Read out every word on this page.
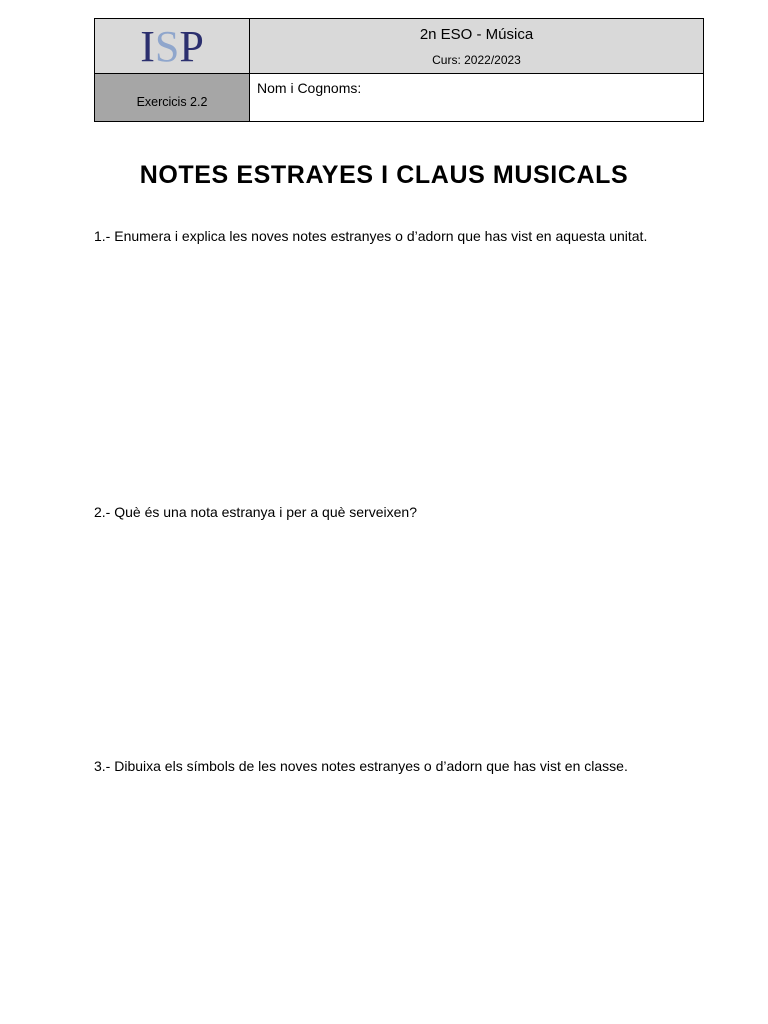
ISP	2n ESO - Música
Curs: 2022/2023
Exercicis 2.2
Nom i Cognoms:
NOTES ESTRAYES I CLAUS MUSICALS
1.- Enumera i explica les noves notes estranyes o d’adorn que has vist en aquesta unitat.
2.- Què és una nota estranya i per a què serveixen?
3.- Dibuixa els símbols de les noves notes estranyes o d’adorn que has vist en classe.
